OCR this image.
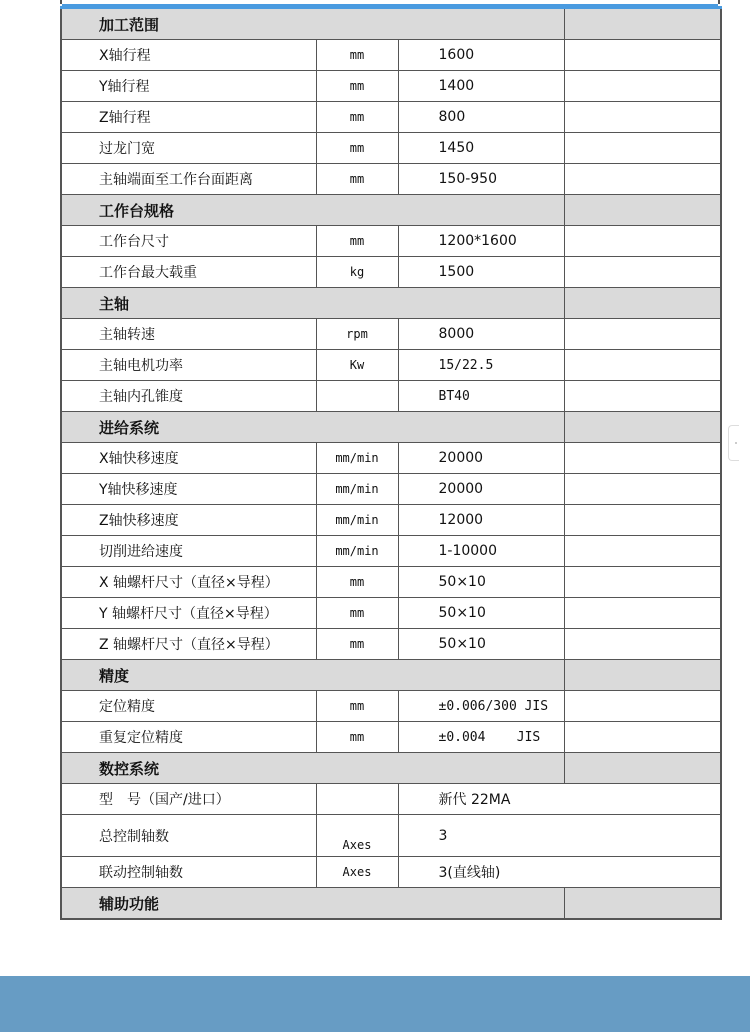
加工范围			
X轴行程	mm	1600	
Y轴行程	mm	1400	
Z轴行程	mm	800	
过龙门宽	mm	1450	
主轴端面至工作台面距离	mm	150-950	
工作台规格			
工作台尺寸	mm	1200*1600	
工作台最大载重	kg	1500	
主轴			
主轴转速	rpm	8000	
主轴电机功率	Kw	15/22.5	
主轴内孔锥度		BT40	
进给系统			
X轴快移速度	mm/min	20000	
Y轴快移速度	mm/min	20000	
Z轴快移速度	mm/min	12000	
切削进给速度	mm/min	1-10000	
X 轴螺杆尺寸（直径×导程）	mm	50×10	
Y 轴螺杆尺寸（直径×导程）	mm	50×10	
Z 轴螺杆尺寸（直径×导程）	mm	50×10	
精度			
定位精度	mm	±0.006/300 JIS	
重复定位精度	mm	±0.004    JIS	
数控系统			
型　号（国产/进口）		新代 22MA	
总控制轴数	Axes	3	
联动控制轴数	Axes	3(直线轴)	
辅助功能			
